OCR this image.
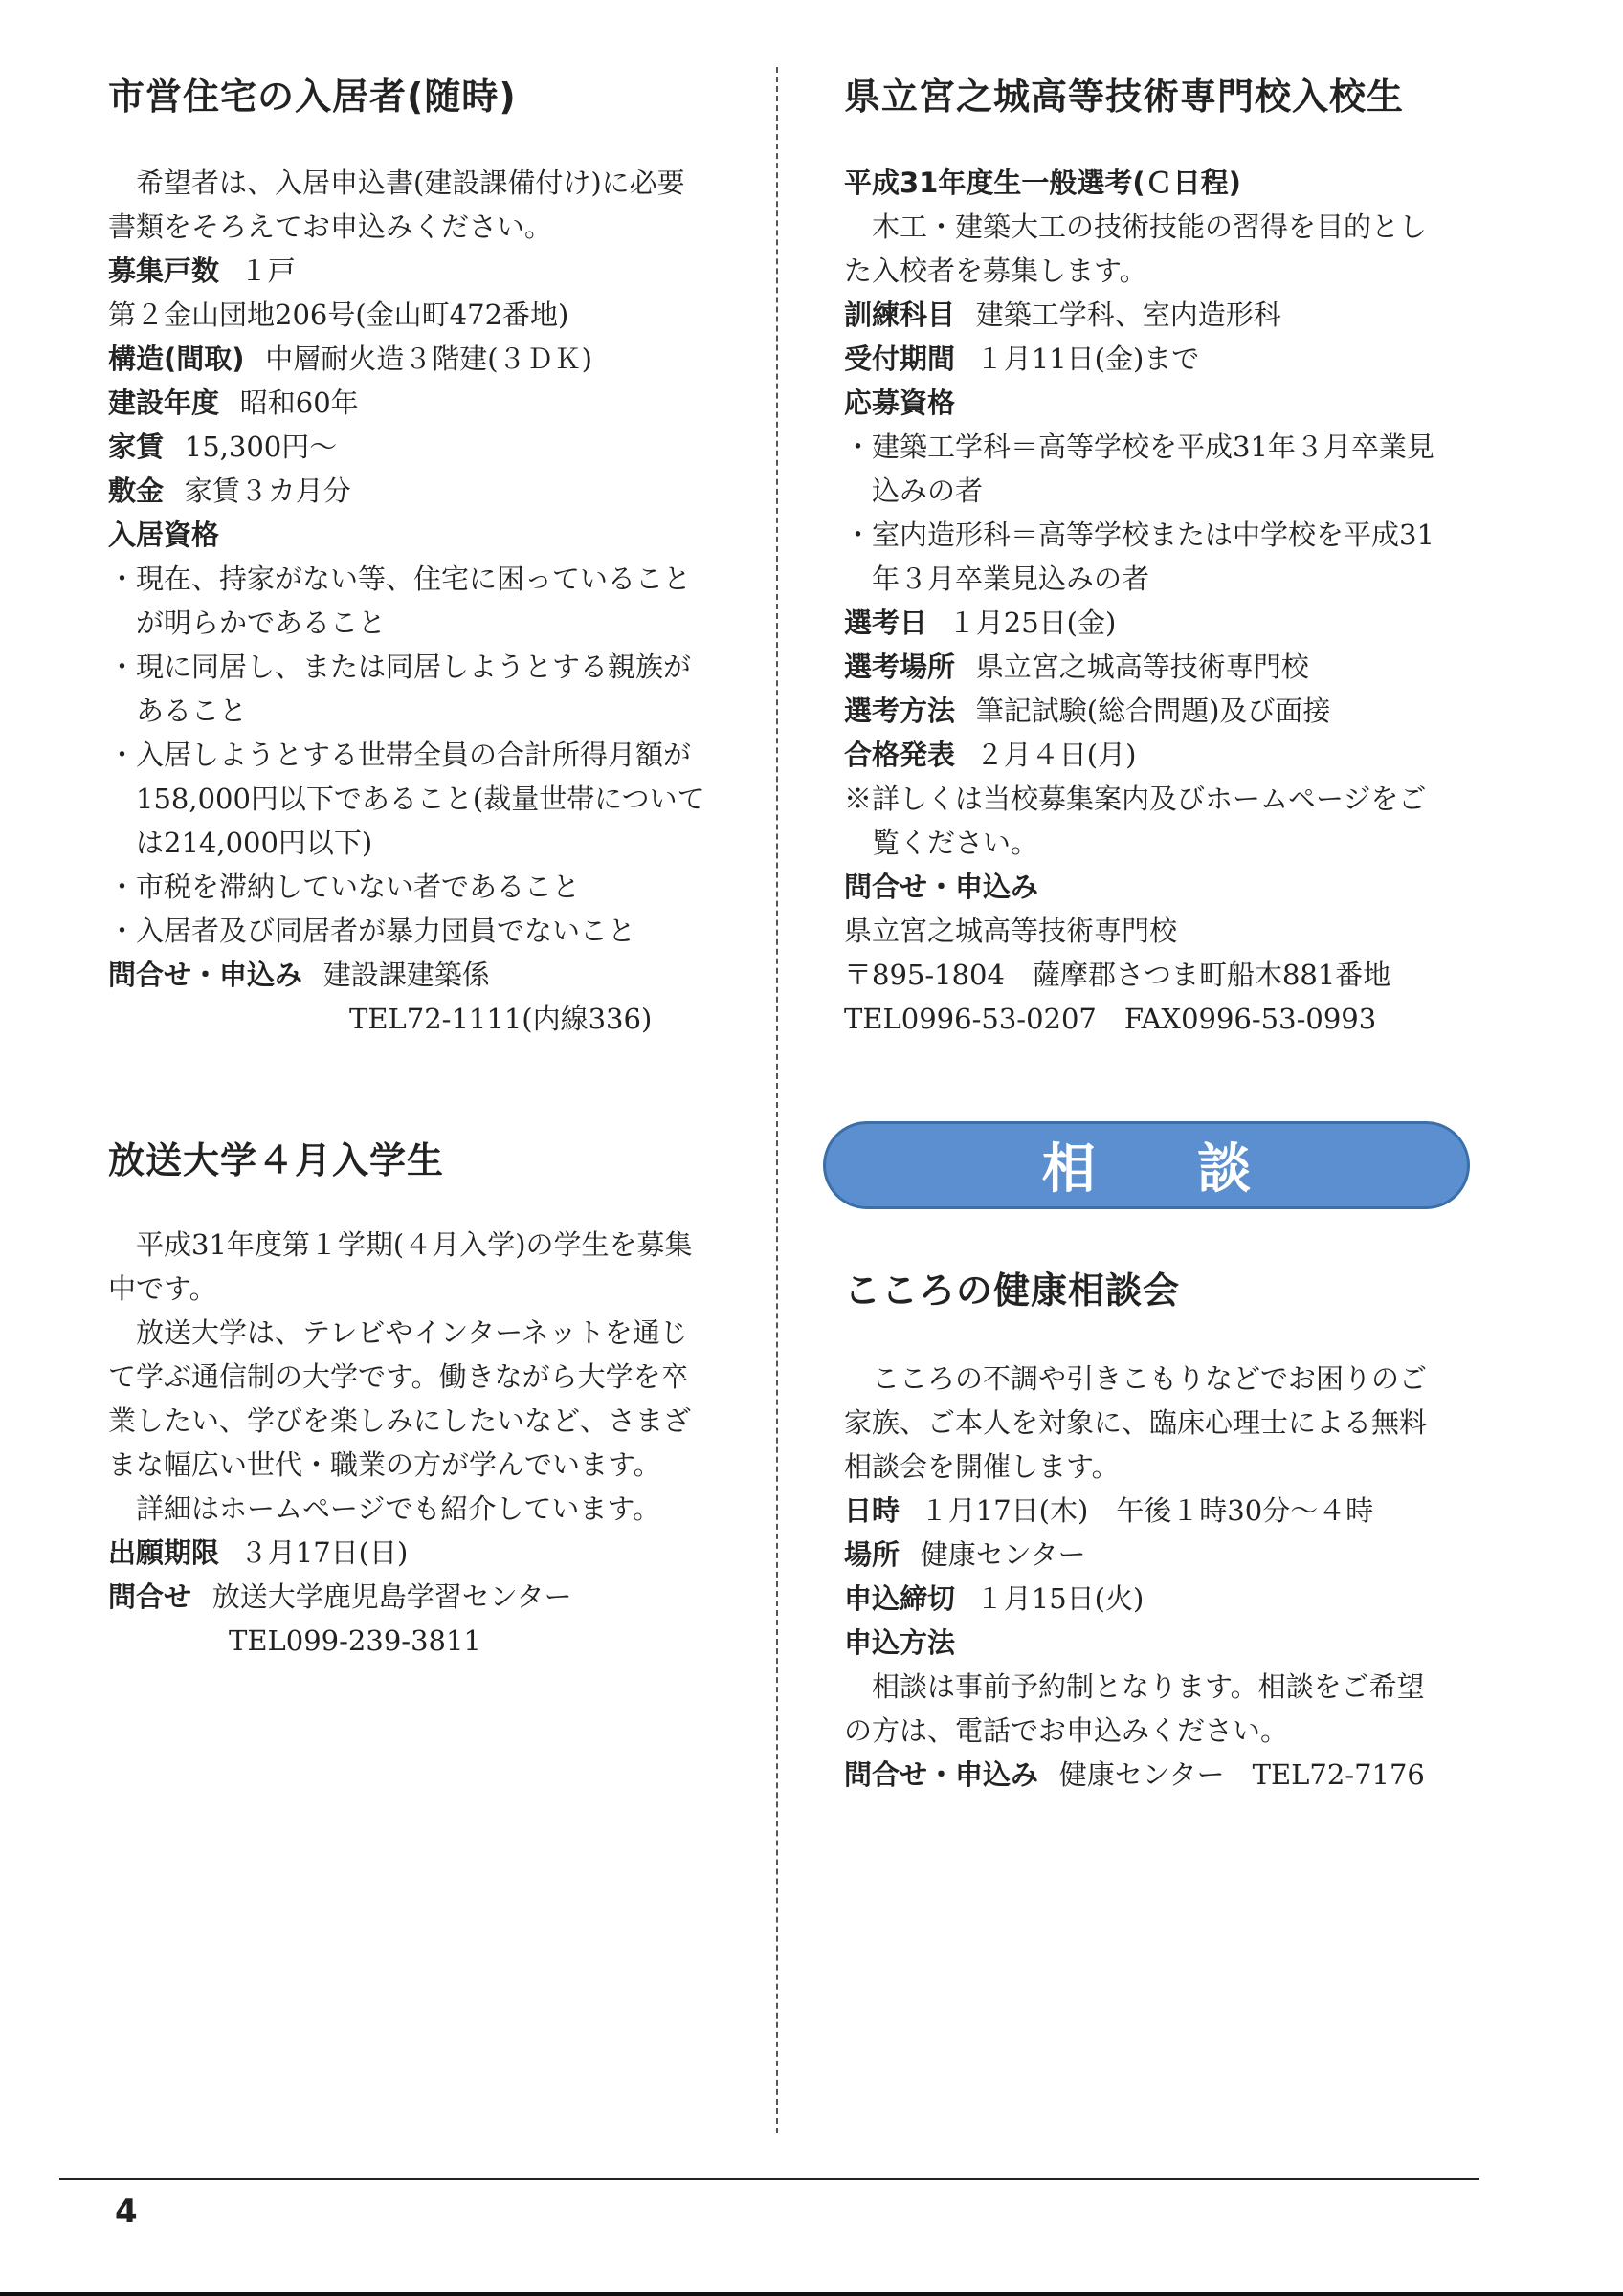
市営住宅の入居者(随時)
　希望者は、入居申込書(建設課備付け)に必要
書類をそろえてお申込みください。
募集戸数 １戸
第２金山団地206号(金山町472番地)
構造(間取) 中層耐火造３階建(３ＤＫ)
建設年度 昭和60年
家賃 15,300円～
敷金 家賃３カ月分
入居資格
・現在、持家がない等、住宅に困っていること
が明らかであること
・現に同居し、または同居しようとする親族が
あること
・入居しようとする世帯全員の合計所得月額が
158,000円以下であること(裁量世帯について
は214,000円以下)
・市税を滞納していない者であること
・入居者及び同居者が暴力団員でないこと
問合せ・申込み 建設課建築係
TEL72-1111(内線336)
放送大学４月入学生
　平成31年度第１学期(４月入学)の学生を募集
中です。
　放送大学は、テレビやインターネットを通じ
て学ぶ通信制の大学です。働きながら大学を卒
業したい、学びを楽しみにしたいなど、さまざ
まな幅広い世代・職業の方が学んでいます。
　詳細はホームページでも紹介しています。
出願期限 ３月17日(日)
問合せ 放送大学鹿児島学習センター
TEL099-239-3811
県立宮之城高等技術専門校入校生
平成31年度生一般選考(Ｃ日程)
　木工・建築大工の技術技能の習得を目的とし
た入校者を募集します。
訓練科目 建築工学科、室内造形科
受付期間 １月11日(金)まで
応募資格
・建築工学科＝高等学校を平成31年３月卒業見
込みの者
・室内造形科＝高等学校または中学校を平成31
年３月卒業見込みの者
選考日 １月25日(金)
選考場所 県立宮之城高等技術専門校
選考方法 筆記試験(総合問題)及び面接
合格発表 ２月４日(月)
※詳しくは当校募集案内及びホームページをご
覧ください。
問合せ・申込み
県立宮之城高等技術専門校
〒895-1804　薩摩郡さつま町船木881番地
TEL0996-53-0207　FAX0996-53-0993
こころの健康相談会
　こころの不調や引きこもりなどでお困りのご
家族、ご本人を対象に、臨床心理士による無料
相談会を開催します。
日時 １月17日(木)　午後１時30分～４時
場所 健康センター
申込締切 １月15日(火)
申込方法
　相談は事前予約制となります。相談をご希望
の方は、電話でお申込みください。
問合せ・申込み 健康センター　TEL72-7176
相談
4
